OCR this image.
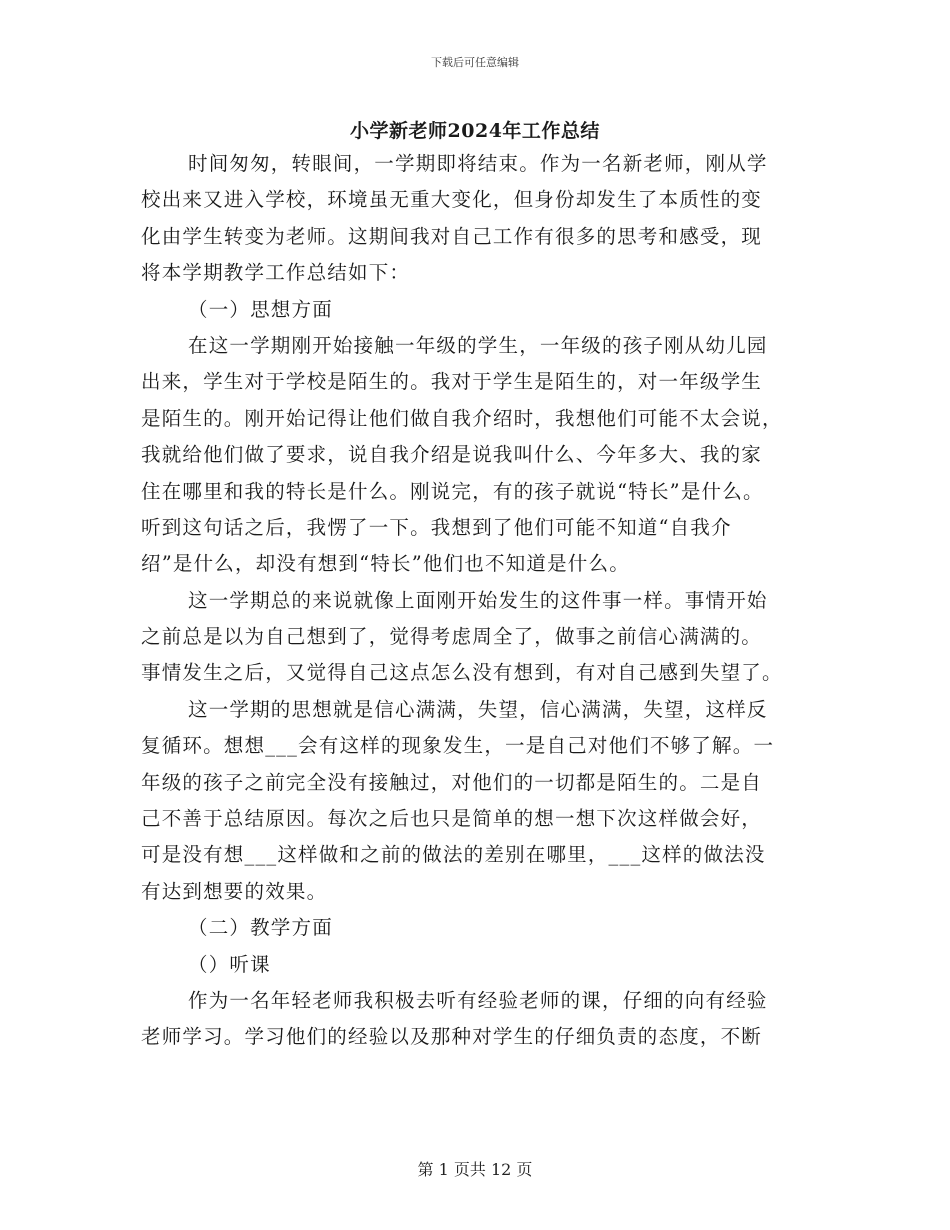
下载后可任意编辑
小学新老师2024年工作总结
时间匆匆，转眼间，一学期即将结束。作为一名新老师，刚从学
校出来又进入学校，环境虽无重大变化，但身份却发生了本质性的变
化由学生转变为老师。这期间我对自己工作有很多的思考和感受，现
将本学期教学工作总结如下：
（一）思想方面
在这一学期刚开始接触一年级的学生，一年级的孩子刚从幼儿园
出来，学生对于学校是陌生的。我对于学生是陌生的，对一年级学生
是陌生的。刚开始记得让他们做自我介绍时，我想他们可能不太会说，
我就给他们做了要求，说自我介绍是说我叫什么、今年多大、我的家
住在哪里和我的特长是什么。刚说完，有的孩子就说“特长”是什么。
听到这句话之后，我愣了一下。我想到了他们可能不知道“自我介
绍”是什么，却没有想到“特长”他们也不知道是什么。
这一学期总的来说就像上面刚开始发生的这件事一样。事情开始
之前总是以为自己想到了，觉得考虑周全了，做事之前信心满满的。
事情发生之后，又觉得自己这点怎么没有想到，有对自己感到失望了。
这一学期的思想就是信心满满，失望，信心满满，失望，这样反
复循环。想想___会有这样的现象发生，一是自己对他们不够了解。一
年级的孩子之前完全没有接触过，对他们的一切都是陌生的。二是自
己不善于总结原因。每次之后也只是简单的想一想下次这样做会好，
可是没有想___这样做和之前的做法的差别在哪里，___这样的做法没
有达到想要的效果。
（二）教学方面
（）听课
作为一名年轻老师我积极去听有经验老师的课，仔细的向有经验
老师学习。学习他们的经验以及那种对学生的仔细负责的态度，不断
第 1 页共 12 页
